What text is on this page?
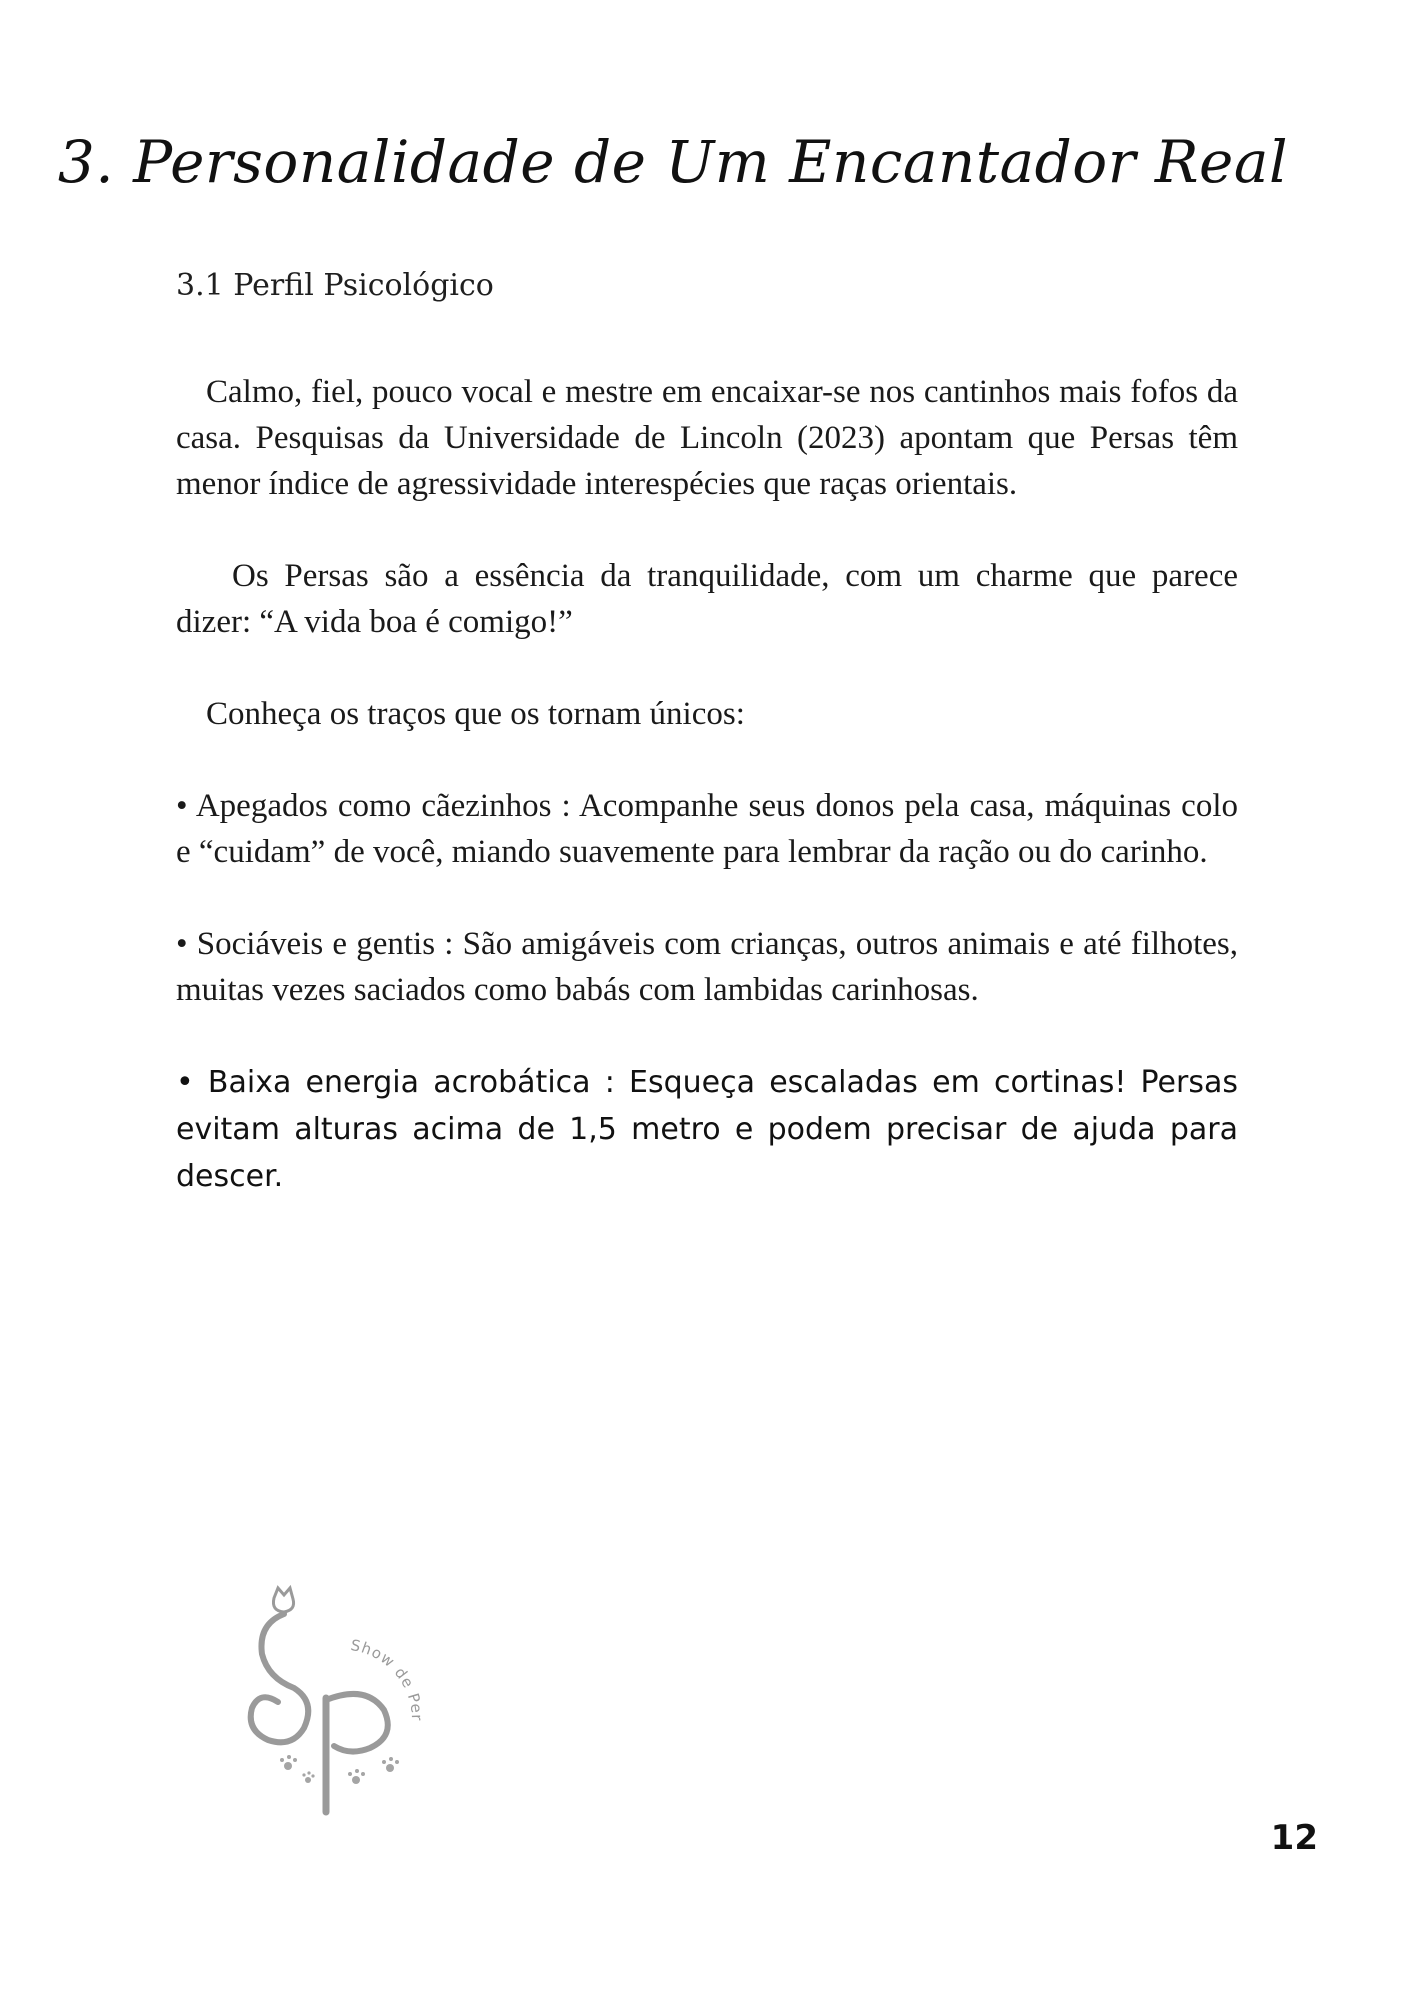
3. Personalidade de Um Encantador Real
3.1 Perfil Psicológico

Calmo, fiel, pouco vocal e mestre em encaixar-se nos cantinhos mais fofos da casa. Pesquisas da Universidade de Lincoln (2023) apontam que Persas têm menor índice de agressividade interespécies que raças orientais.

Os Persas são a essência da tranquilidade, com um charme que parece dizer: “A vida boa é comigo!”

Conheça os traços que os tornam únicos:

• Apegados como cãezinhos : Acompanhe seus donos pela casa, máquinas colo e “cuidam” de você, miando suavemente para lembrar da ração ou do carinho.

• Sociáveis e gentis : São amigáveis com crianças, outros animais e até filhotes, muitas vezes saciados como babás com lambidas carinhosas.

• Baixa energia acrobática : Esqueça escaladas em cortinas! Persas evitam alturas acima de 1,5 metro e podem precisar de ajuda para descer.

Show de Per
12
